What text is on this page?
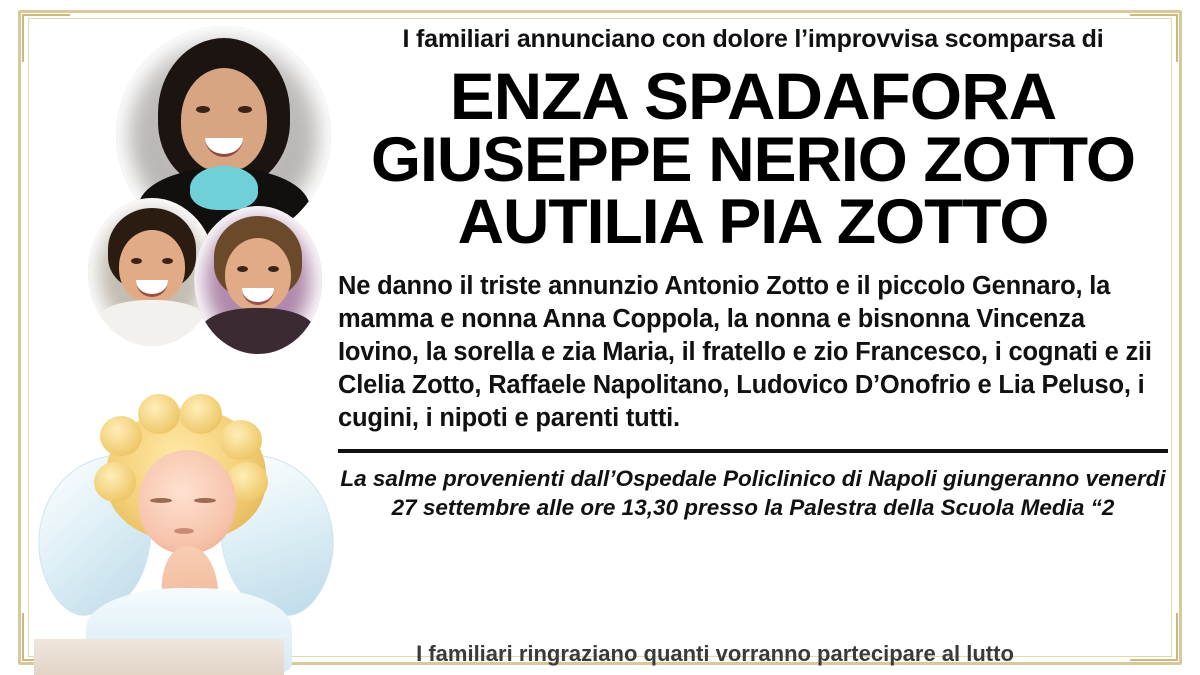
I familiari annunciano con dolore l’improvvisa scomparsa di
ENZA SPADAFORA
GIUSEPPE NERIO ZOTTO
AUTILIA PIA ZOTTO
Ne danno il triste annunzio Antonio Zotto e il piccolo Gennaro, la mamma e nonna Anna Coppola, la nonna e bisnonna Vincenza Iovino, la sorella e zia Maria, il fratello e zio Francesco, i cognati e zii Clelia Zotto, Raffaele Napolitano, Ludovico D’Onofrio e Lia Peluso, i cugini, i nipoti e parenti tutti.
La salme provenienti dall’Ospedale Policlinico di Napoli giungeranno venerdi 27 settembre alle ore 13,30 presso la Palestra della Scuola Media “2
I familiari ringraziano quanti vorranno partecipare al lutto
